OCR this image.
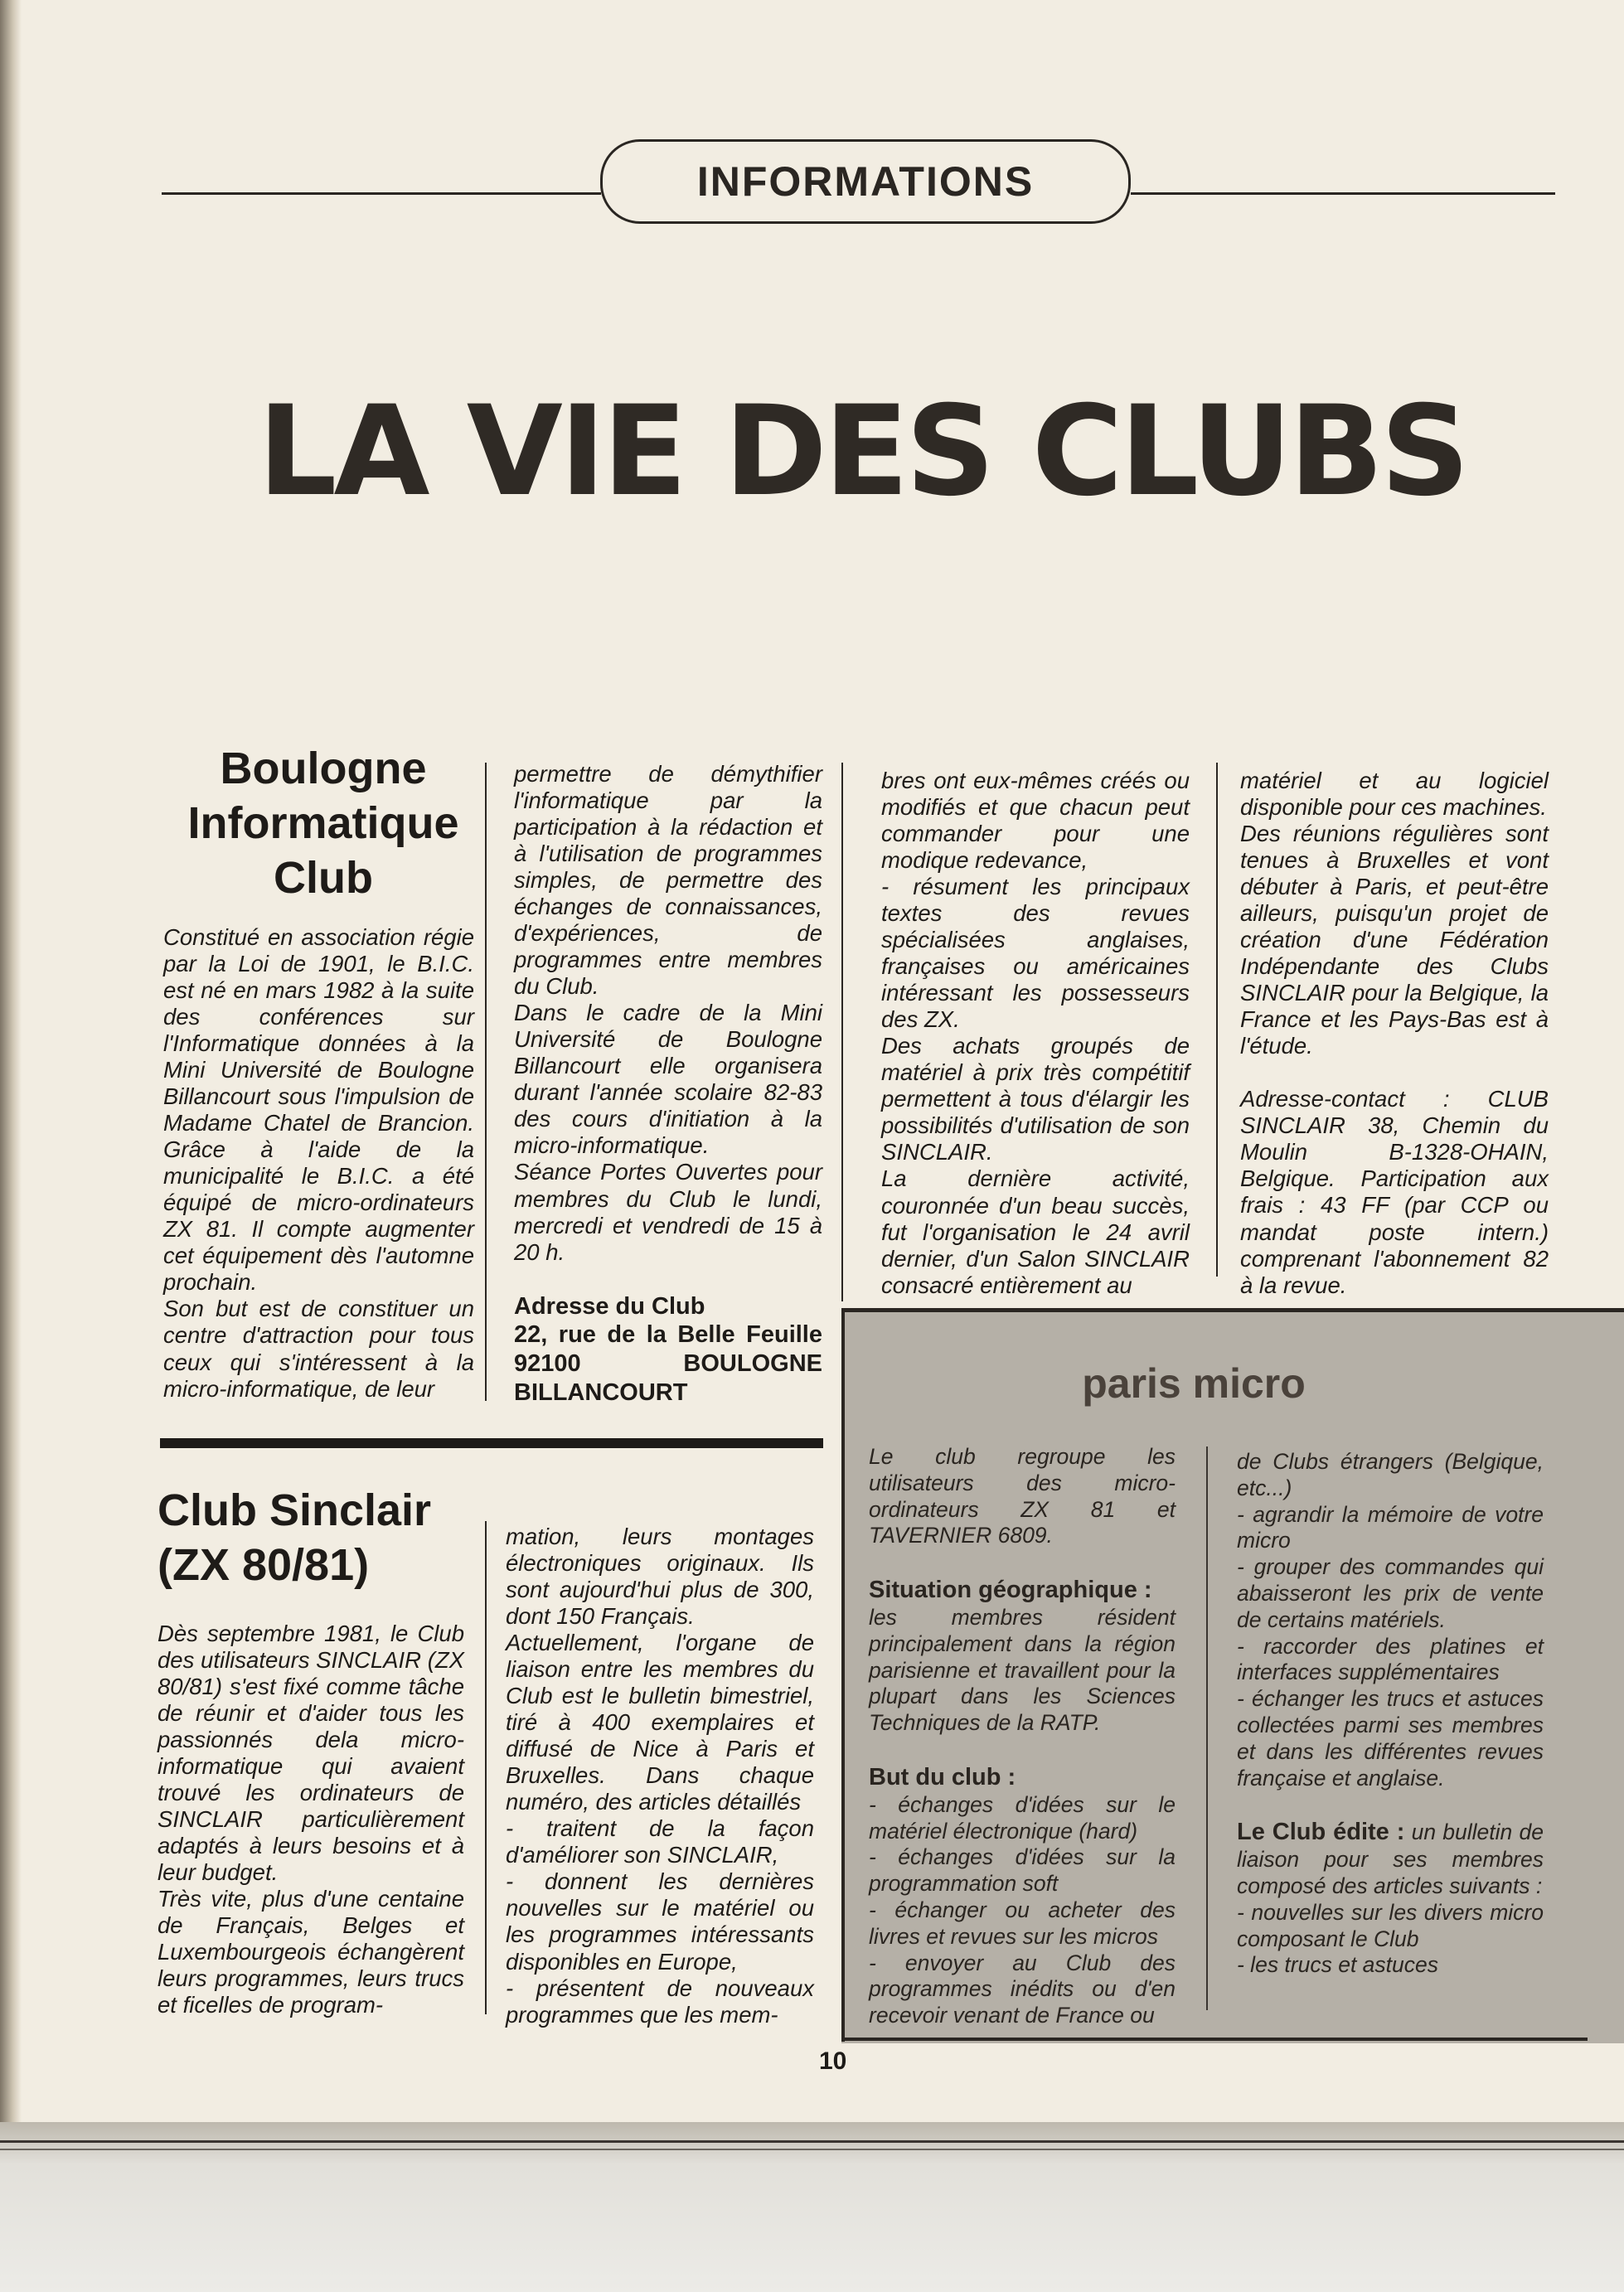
INFORMATIONS
LA VIE DES CLUBS
Boulogne
Informatique
Club

Constitué en association régie par la Loi de 1901, le B.I.C. est né en mars 1982 à la suite des conférences sur l'Informatique données à la Mini Université de Boulogne Billancourt sous l'impulsion de Madame Chatel de Brancion. Grâce à l'aide de la municipalité le B.I.C. a été équipé de micro-ordinateurs ZX 81. Il compte augmenter cet équipement dès l'automne prochain.

Son but est de constituer un centre d'attraction pour tous ceux qui s'intéressent à la micro-informatique, de leur

permettre de démythifier l'informatique par la participation à la rédaction et à l'utilisation de programmes simples, de permettre des échanges de connaissances, d'expériences, de programmes entre membres du Club.

Dans le cadre de la Mini Université de Boulogne Billancourt elle organisera durant l'année scolaire 82-83 des cours d'initiation à la micro-informatique.

Séance Portes Ouvertes pour membres du Club le lundi, mercredi et vendredi de 15 à 20 h.

Adresse du Club

22, rue de la Belle Feuille 92100 BOULOGNE BILLANCOURT

Club Sinclair
(ZX 80/81)

Dès septembre 1981, le Club des utilisateurs SINCLAIR (ZX 80/81) s'est fixé comme tâche de réunir et d'aider tous les passionnés dela micro-informatique qui avaient trouvé les ordinateurs de SINCLAIR particulièrement adaptés à leurs besoins et à leur budget.

Très vite, plus d'une centaine de Français, Belges et Luxembourgeois échangèrent leurs programmes, leurs trucs et ficelles de program-

mation, leurs montages électroniques originaux. Ils sont aujourd'hui plus de 300, dont 150 Français.

Actuellement, l'organe de liaison entre les membres du Club est le bulletin bimestriel, tiré à 400 exemplaires et diffusé de Nice à Paris et Bruxelles. Dans chaque numéro, des articles détaillés

- traitent de la façon d'améliorer son SINCLAIR,

- donnent les dernières nouvelles sur le matériel ou les programmes intéressants disponibles en Europe,

- présentent de nouveaux programmes que les mem-

bres ont eux-mêmes créés ou modifiés et que chacun peut commander pour une modique redevance,

- résument les principaux textes des revues spécialisées anglaises, françaises ou américaines intéressant les possesseurs des ZX.

Des achats groupés de matériel à prix très compétitif permettent à tous d'élargir les possibilités d'utilisation de son SINCLAIR.

La dernière activité, couronnée d'un beau succès, fut l'organisation le 24 avril dernier, d'un Salon SINCLAIR consacré entièrement au

matériel et au logiciel disponible pour ces machines.

Des réunions régulières sont tenues à Bruxelles et vont débuter à Paris, et peut-être ailleurs, puisqu'un projet de création d'une Fédération Indépendante des Clubs SINCLAIR pour la Belgique, la France et les Pays-Bas est à l'étude.

Adresse-contact : CLUB SINCLAIR 38, Chemin du Moulin B-1328-OHAIN, Belgique. Participation aux frais : 43 FF (par CCP ou mandat poste intern.) comprenant l'abonnement 82 à la revue.

paris micro

Le club regroupe les utilisateurs des micro-ordinateurs ZX 81 et TAVERNIER 6809.

Situation géographique :

les membres résident principalement dans la région parisienne et travaillent pour la plupart dans les Sciences Techniques de la RATP.

But du club :

- échanges d'idées sur le matériel électronique (hard)

- échanges d'idées sur la programmation soft

- échanger ou acheter des livres et revues sur les micros

- envoyer au Club des programmes inédits ou d'en recevoir venant de France ou

de Clubs étrangers (Belgique, etc...)

- agrandir la mémoire de votre micro

- grouper des commandes qui abaisseront les prix de vente de certains matériels.

- raccorder des platines et interfaces supplémentaires

- échanger les trucs et astuces collectées parmi ses membres et dans les différentes revues française et anglaise.

Le Club édite : un bulletin de liaison pour ses membres composé des articles suivants :

- nouvelles sur les divers micro composant le Club

- les trucs et astuces

10
